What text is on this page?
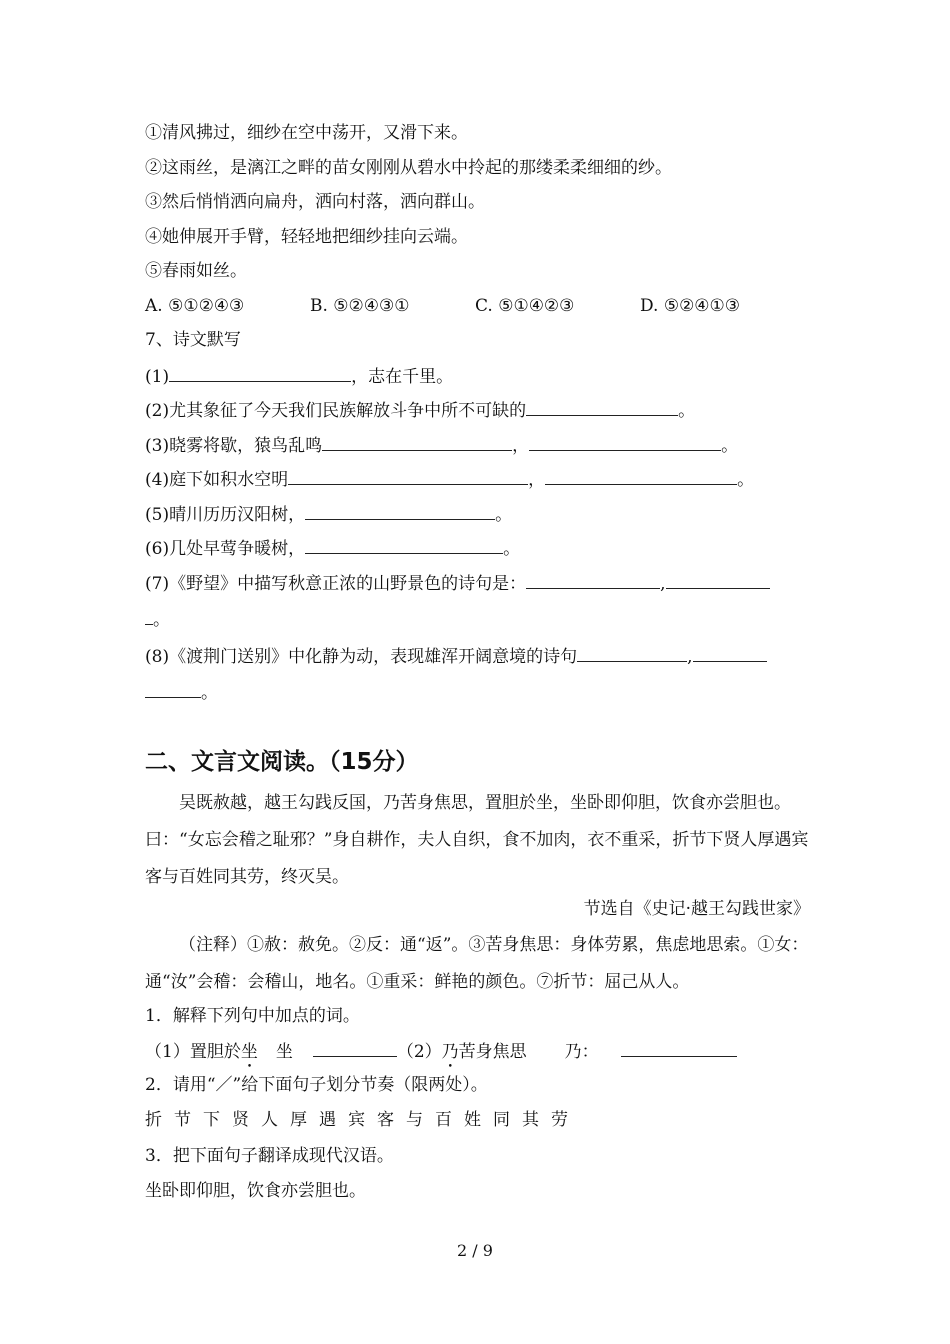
①清风拂过，细纱在空中荡开，又滑下来。
②这雨丝，是漓江之畔的苗女刚刚从碧水中拎起的那缕柔柔细细的纱。
③然后悄悄洒向扁舟，洒向村落，洒向群山。
④她伸展开手臂，轻轻地把细纱挂向云端。
⑤春雨如丝。
A. ⑤①②④③	B. ⑤②④③①	C. ⑤①④②③	D. ⑤②④①③
7、诗文默写
(1)	，志在千里。
(2)尤其象征了今天我们民族解放斗争中所不可缺的	。
(3)晓雾将歇，猿鸟乱鸣	，	。
(4)庭下如积水空明	，	。
(5)晴川历历汉阳树，	。
(6)几处早莺争暖树，	。
(7)《野望》中描写秋意正浓的山野景色的诗句是：	,
。
(8)《渡荆门送别》中化静为动，表现雄浑开阔意境的诗句	,
。
二、文言文阅读。（15分）
吴既赦越，越王勾践反国，乃苦身焦思，置胆於坐，坐卧即仰胆，饮食亦尝胆也。曰：“女忘会稽之耻邪？”身自耕作，夫人自织，食不加肉，衣不重采，折节下贤人厚遇宾客与百姓同其劳，终灭吴。
节选自《史记·越王勾践世家》
（注释）①赦：赦免。②反：通“返”。③苦身焦思：身体劳累，焦虑地思索。①女：通“汝”会稽：会稽山，地名。①重采：鲜艳的颜色。⑦折节：屈己从人。
1．解释下列句中加点的词。
（1）置胆於坐 坐	（2）乃苦身焦思 乃：
2．请用“／”给下面句子划分节奏（限两处）。
折节下贤人厚遇宾客与百姓同其劳
3．把下面句子翻译成现代汉语。
坐卧即仰胆，饮食亦尝胆也。
2 / 9
